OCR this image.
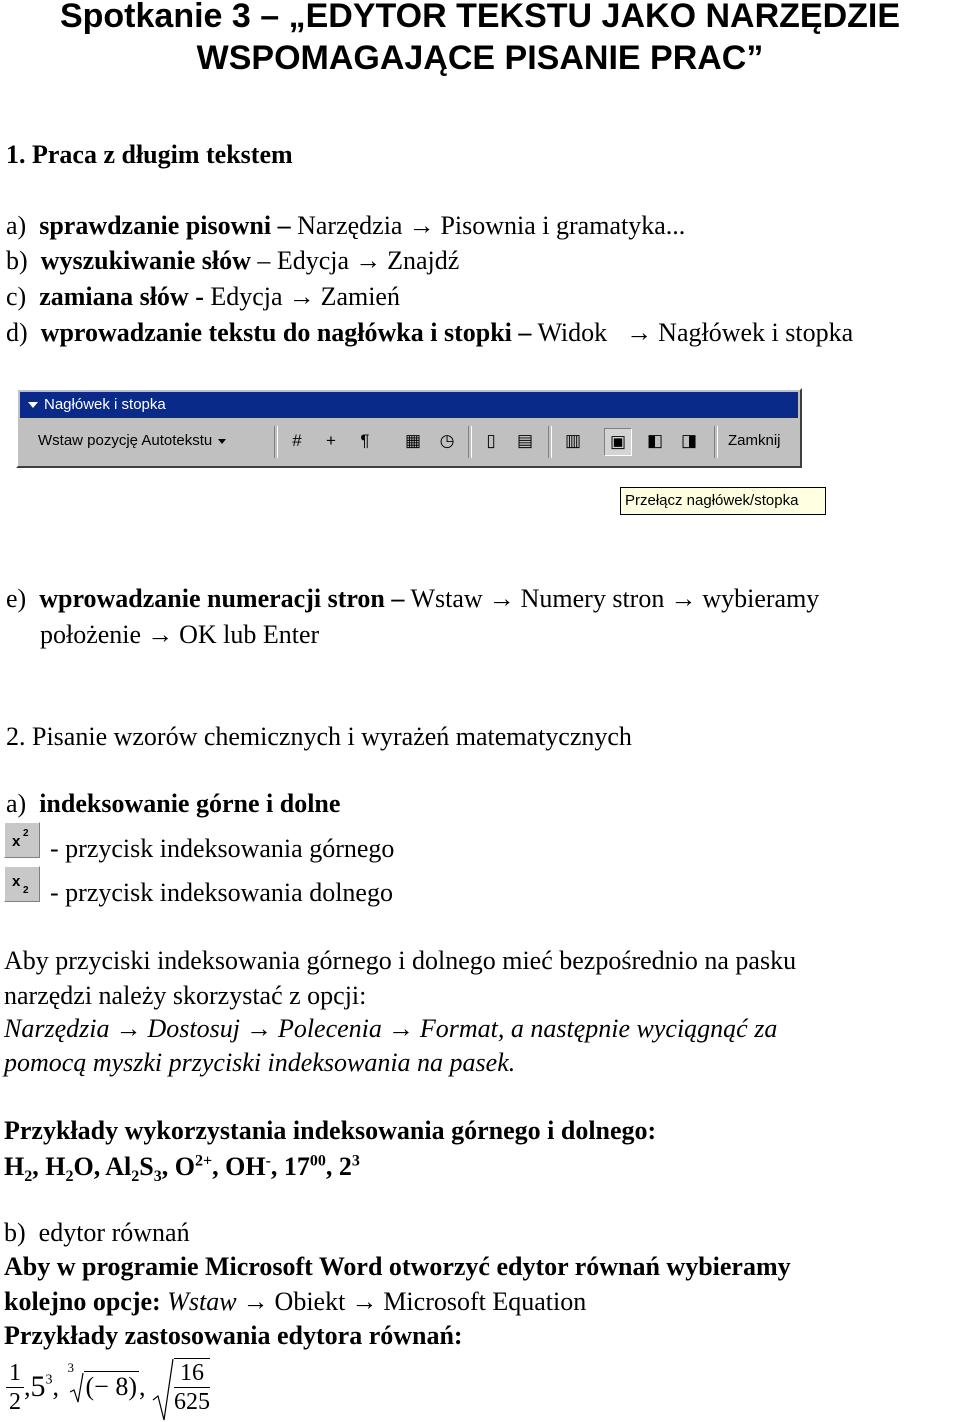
Spotkanie 3 – „EDYTOR TEKSTU JAKO NARZĘDZIE
WSPOMAGAJĄCE PISANIE PRAC”
1. Praca z długim tekstem
a) sprawdzanie pisowni – Narzędzia → Pisownia i gramatyka...
b) wyszukiwanie słów – Edycja → Znajdź
c) zamiana słów - Edycja → Zamień
d) wprowadzanie tekstu do nagłówka i stopki – Widok → Nagłówek i stopka
Nagłówek i stopka
Wstaw pozycję Autotekstu	#	+	¶	▦	◷	▯	▤ ▥	▣	◧ ◨	Zamknij
Przełącz nagłówek/stopka
e) wprowadzanie numeracji stron – Wstaw → Numery stron → wybieramy
położenie → OK lub Enter
2. Pisanie wzorów chemicznych i wyrażeń matematycznych
a) indeksowanie górne i dolne
x 2
- przycisk indeksowania górnego
x
2 - przycisk indeksowania dolnego
Aby przyciski indeksowania górnego i dolnego mieć bezpośrednio na pasku
narzędzi należy skorzystać z opcji:
Narzędzia → Dostosuj → Polecenia → Format, a następnie wyciągnąć za
pomocą myszki przyciski indeksowania na pasek.
Przykłady wykorzystania indeksowania górnego i dolnego:
$H_2$, $H_2O$, $Al_2S_3$, $O^{2+}$, OH-, $17^{00}$, $2^3$
b) edytor równań
Aby w programie Microsoft Word otworzyć edytor równań wybieramy
kolejno opcje: Wstaw → Obiekt → Microsoft Equation
Przykłady zastosowania edytora równań:
$\frac{1}{2} ,5^3$,
3
(− 8), $\frac{16}{625}$
